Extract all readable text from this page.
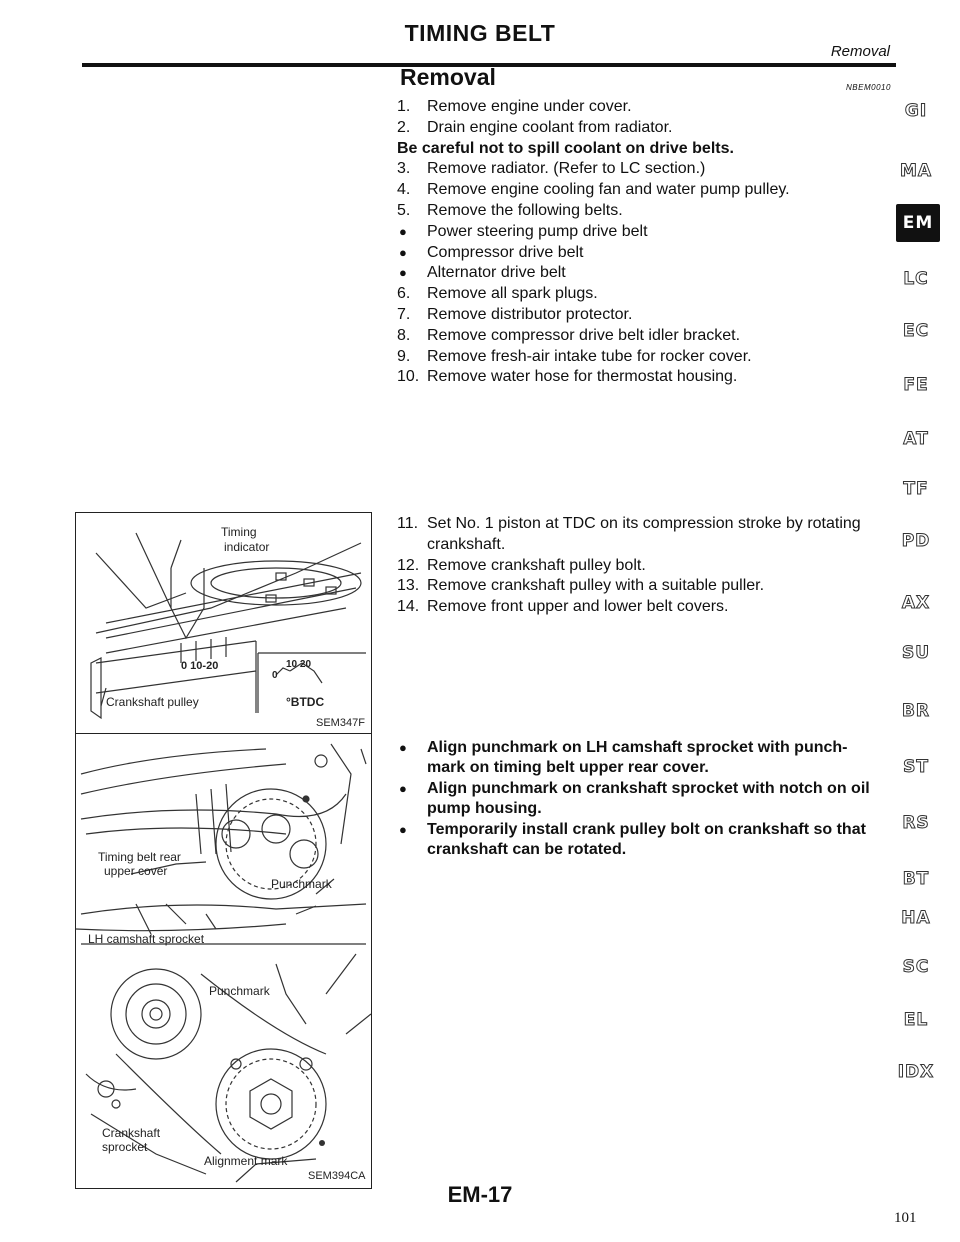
TIMING BELT
Removal
Removal	NBEM0010
1. Remove engine under cover.
2. Drain engine coolant from radiator.
Be careful not to spill coolant on drive belts.
3. Remove radiator. (Refer to LC section.)
4. Remove engine cooling fan and water pump pulley.
5. Remove the following belts.
● Power steering pump drive belt
● Compressor drive belt
● Alternator drive belt
6. Remove all spark plugs.
7. Remove distributor protector.
8. Remove compressor drive belt idler bracket.
9. Remove fresh-air intake tube for rocker cover.
10. Remove water hose for thermostat housing.
11. Set No. 1 piston at TDC on its compression stroke by rotating crankshaft.
12. Remove crankshaft pulley bolt.
13. Remove crankshaft pulley with a suitable puller.
14. Remove front upper and lower belt covers.
● Align punchmark on LH camshaft sprocket with punch-mark on timing belt upper rear cover.
● Align punchmark on crankshaft sprocket with notch on oil pump housing.
● Temporarily install crank pulley bolt on crankshaft so that crankshaft can be rotated.
0 10-20	10 20
0
Timing
indicator
Crankshaft pulley	°BTDC
SEM347F
Timing belt rear
upper cover
Punchmark
LH camshaft sprocket
Punchmark
Crankshaft
sprocket
Alignment mark
SEM394CA
GI
MA
EM
LC
EC
FE
AT
TF
PD
AX
SU
BR
ST
RS
BT
HA
SC
EL
IDX
EM-17
101
